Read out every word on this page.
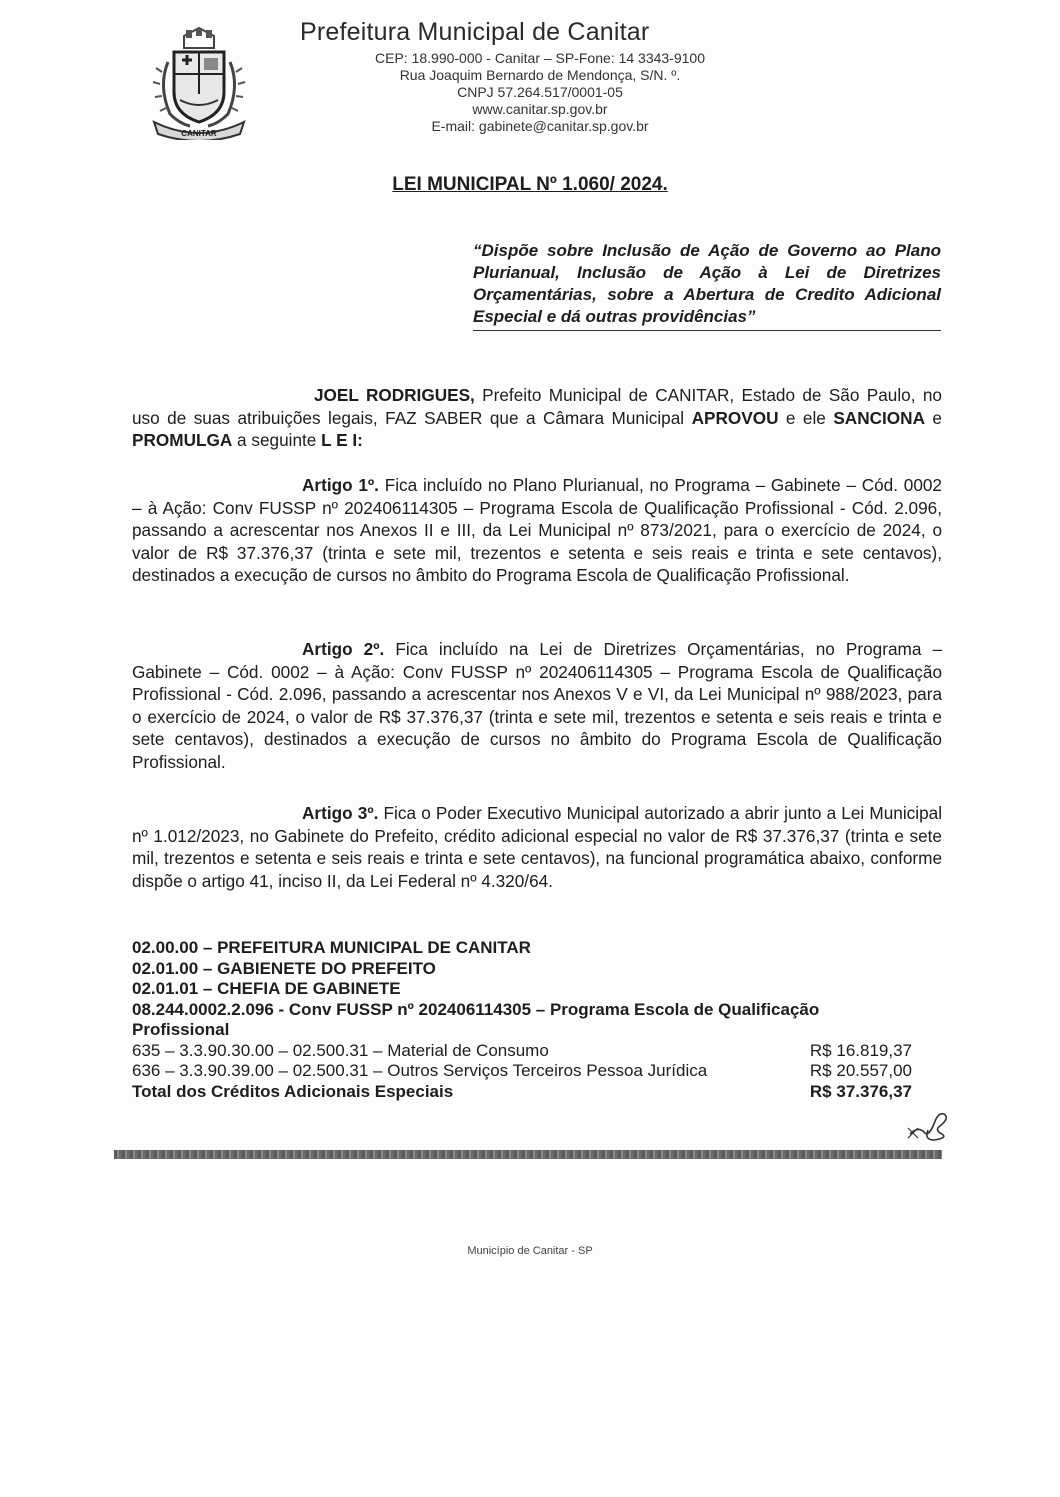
CANITAR
Prefeitura Municipal de Canitar
CEP: 18.990-000 - Canitar – SP-Fone: 14 3343-9100
Rua Joaquim Bernardo de Mendonça, S/N. º.
CNPJ 57.264.517/0001-05
www.canitar.sp.gov.br
E-mail: gabinete@canitar.sp.gov.br
LEI MUNICIPAL Nº 1.060/ 2024.
“Dispõe sobre Inclusão de Ação de Governo ao Plano Plurianual, Inclusão de Ação à Lei de Diretrizes Orçamentárias, sobre a Abertura de Credito Adicional Especial e dá outras providências”
JOEL RODRIGUES, Prefeito Municipal de CANITAR, Estado de São Paulo, no uso de suas atribuições legais, FAZ SABER que a Câmara Municipal APROVOU e ele SANCIONA e PROMULGA a seguinte L E I:
Artigo 1º. Fica incluído no Plano Plurianual, no Programa – Gabinete – Cód. 0002 – à Ação: Conv FUSSP nº 202406114305 – Programa Escola de Qualificação Profissional - Cód. 2.096, passando a acrescentar nos Anexos II e III, da Lei Municipal nº 873/2021, para o exercício de 2024, o valor de R$ 37.376,37 (trinta e sete mil, trezentos e setenta e seis reais e trinta e sete centavos), destinados a execução de cursos no âmbito do Programa Escola de Qualificação Profissional.
Artigo 2º. Fica incluído na Lei de Diretrizes Orçamentárias, no Programa – Gabinete – Cód. 0002 – à Ação: Conv FUSSP nº 202406114305 – Programa Escola de Qualificação Profissional - Cód. 2.096, passando a acrescentar nos Anexos V e VI, da Lei Municipal nº 988/2023, para o exercício de 2024, o valor de R$ 37.376,37 (trinta e sete mil, trezentos e setenta e seis reais e trinta e sete centavos), destinados a execução de cursos no âmbito do Programa Escola de Qualificação Profissional.
Artigo 3º. Fica o Poder Executivo Municipal autorizado a abrir junto a Lei Municipal nº 1.012/2023, no Gabinete do Prefeito, crédito adicional especial no valor de R$ 37.376,37 (trinta e sete mil, trezentos e setenta e seis reais e trinta e sete centavos), na funcional programática abaixo, conforme dispõe o artigo 41, inciso II, da Lei Federal nº 4.320/64.
02.00.00 – PREFEITURA MUNICIPAL DE CANITAR
02.01.00 – GABIENETE DO PREFEITO
02.01.01 – CHEFIA DE GABINETE
08.244.0002.2.096 - Conv FUSSP nº 202406114305 – Programa Escola de Qualificação Profissional
635 – 3.3.90.30.00 – 02.500.31 – Material de Consumo	R$ 16.819,37
636 – 3.3.90.39.00 – 02.500.31 – Outros Serviços Terceiros Pessoa Jurídica	R$ 20.557,00
Total dos Créditos Adicionais Especiais	R$ 37.376,37
Município de Canitar - SP
